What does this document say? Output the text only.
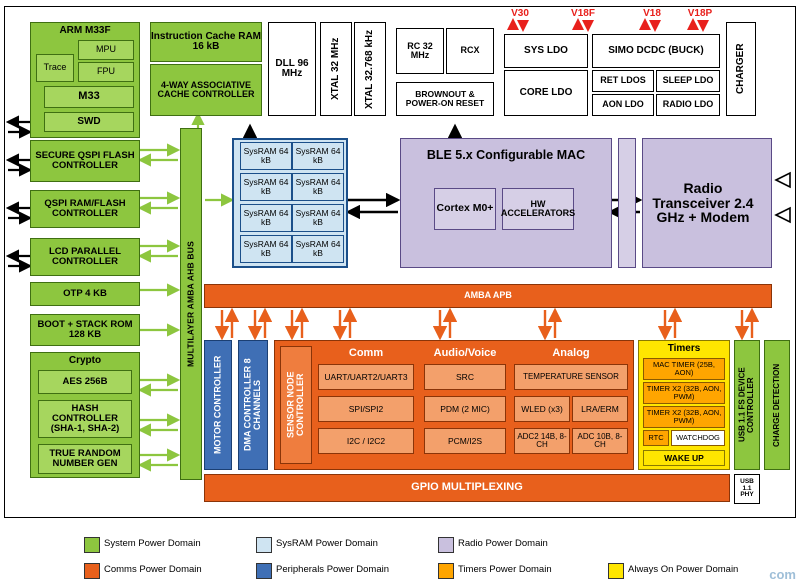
V30	V18F	V18	V18P
ARM M33F
Trace
MPU
FPU
M33
SWD
Instruction Cache RAM 16 kB
4-WAY ASSOCIATIVE CACHE CONTROLLER
DLL 96 MHz	XTAL 32 MHz	XTAL 32.768 kHz	RC 32 MHz	RCX
BROWNOUT & POWER-ON RESET
SYS LDO	SIMO DCDC (BUCK)
RET LDOS	SLEEP LDO
CORE LDO
AON LDO	RADIO LDO
CHARGER
SECURE QSPI FLASH CONTROLLER
QSPI RAM/FLASH CONTROLLER
LCD PARALLEL CONTROLLER
OTP 4 KB
BOOT + STACK ROM 128 KB
Crypto
AES 256B
HASH CONTROLLER (SHA-1, SHA-2)
TRUE RANDOM NUMBER GEN
MULTILAYER AMBA AHB BUS
SysRAM 64 kB
SysRAM 64 kB
SysRAM 64 kB
SysRAM 64 kB
SysRAM 64 kB
SysRAM 64 kB
SysRAM 64 kB
SysRAM 64 kB
BLE 5.x Configurable MAC
Cortex M0+	HW ACCELERATORS
Radio Transceiver 2.4 GHz + Modem
AMBA APB
MOTOR CONTROLLER	DMA CONTROLLER 8 CHANNELS	SENSOR NODE CONTROLLER
Comm
UART/UART2/UART3
SPI/SPI2
I2C / I2C2
Audio/Voice
SRC
PDM (2 MIC)
PCM/I2S
Analog
TEMPERATURE SENSOR
WLED (x3)	LRA/ERM
ADC2 14B, 8-CH
ADC 10B, 8-CH
Timers
MAC TIMER (25B, AON)
TIMER X2 (32B, AON, PWM)
TIMER X2 (32B, AON, PWM)
RTC	WATCHDOG
WAKE UP
USB 1.1 FS DEVICE CONTROLLER
USB 1.1 PHY
CHARGE DETECTION
GPIO MULTIPLEXING
System Power Domain	SysRAM Power Domain	Radio Power Domain
Comms Power Domain	Peripherals Power Domain	Timers Power Domain	Always On Power Domain com
